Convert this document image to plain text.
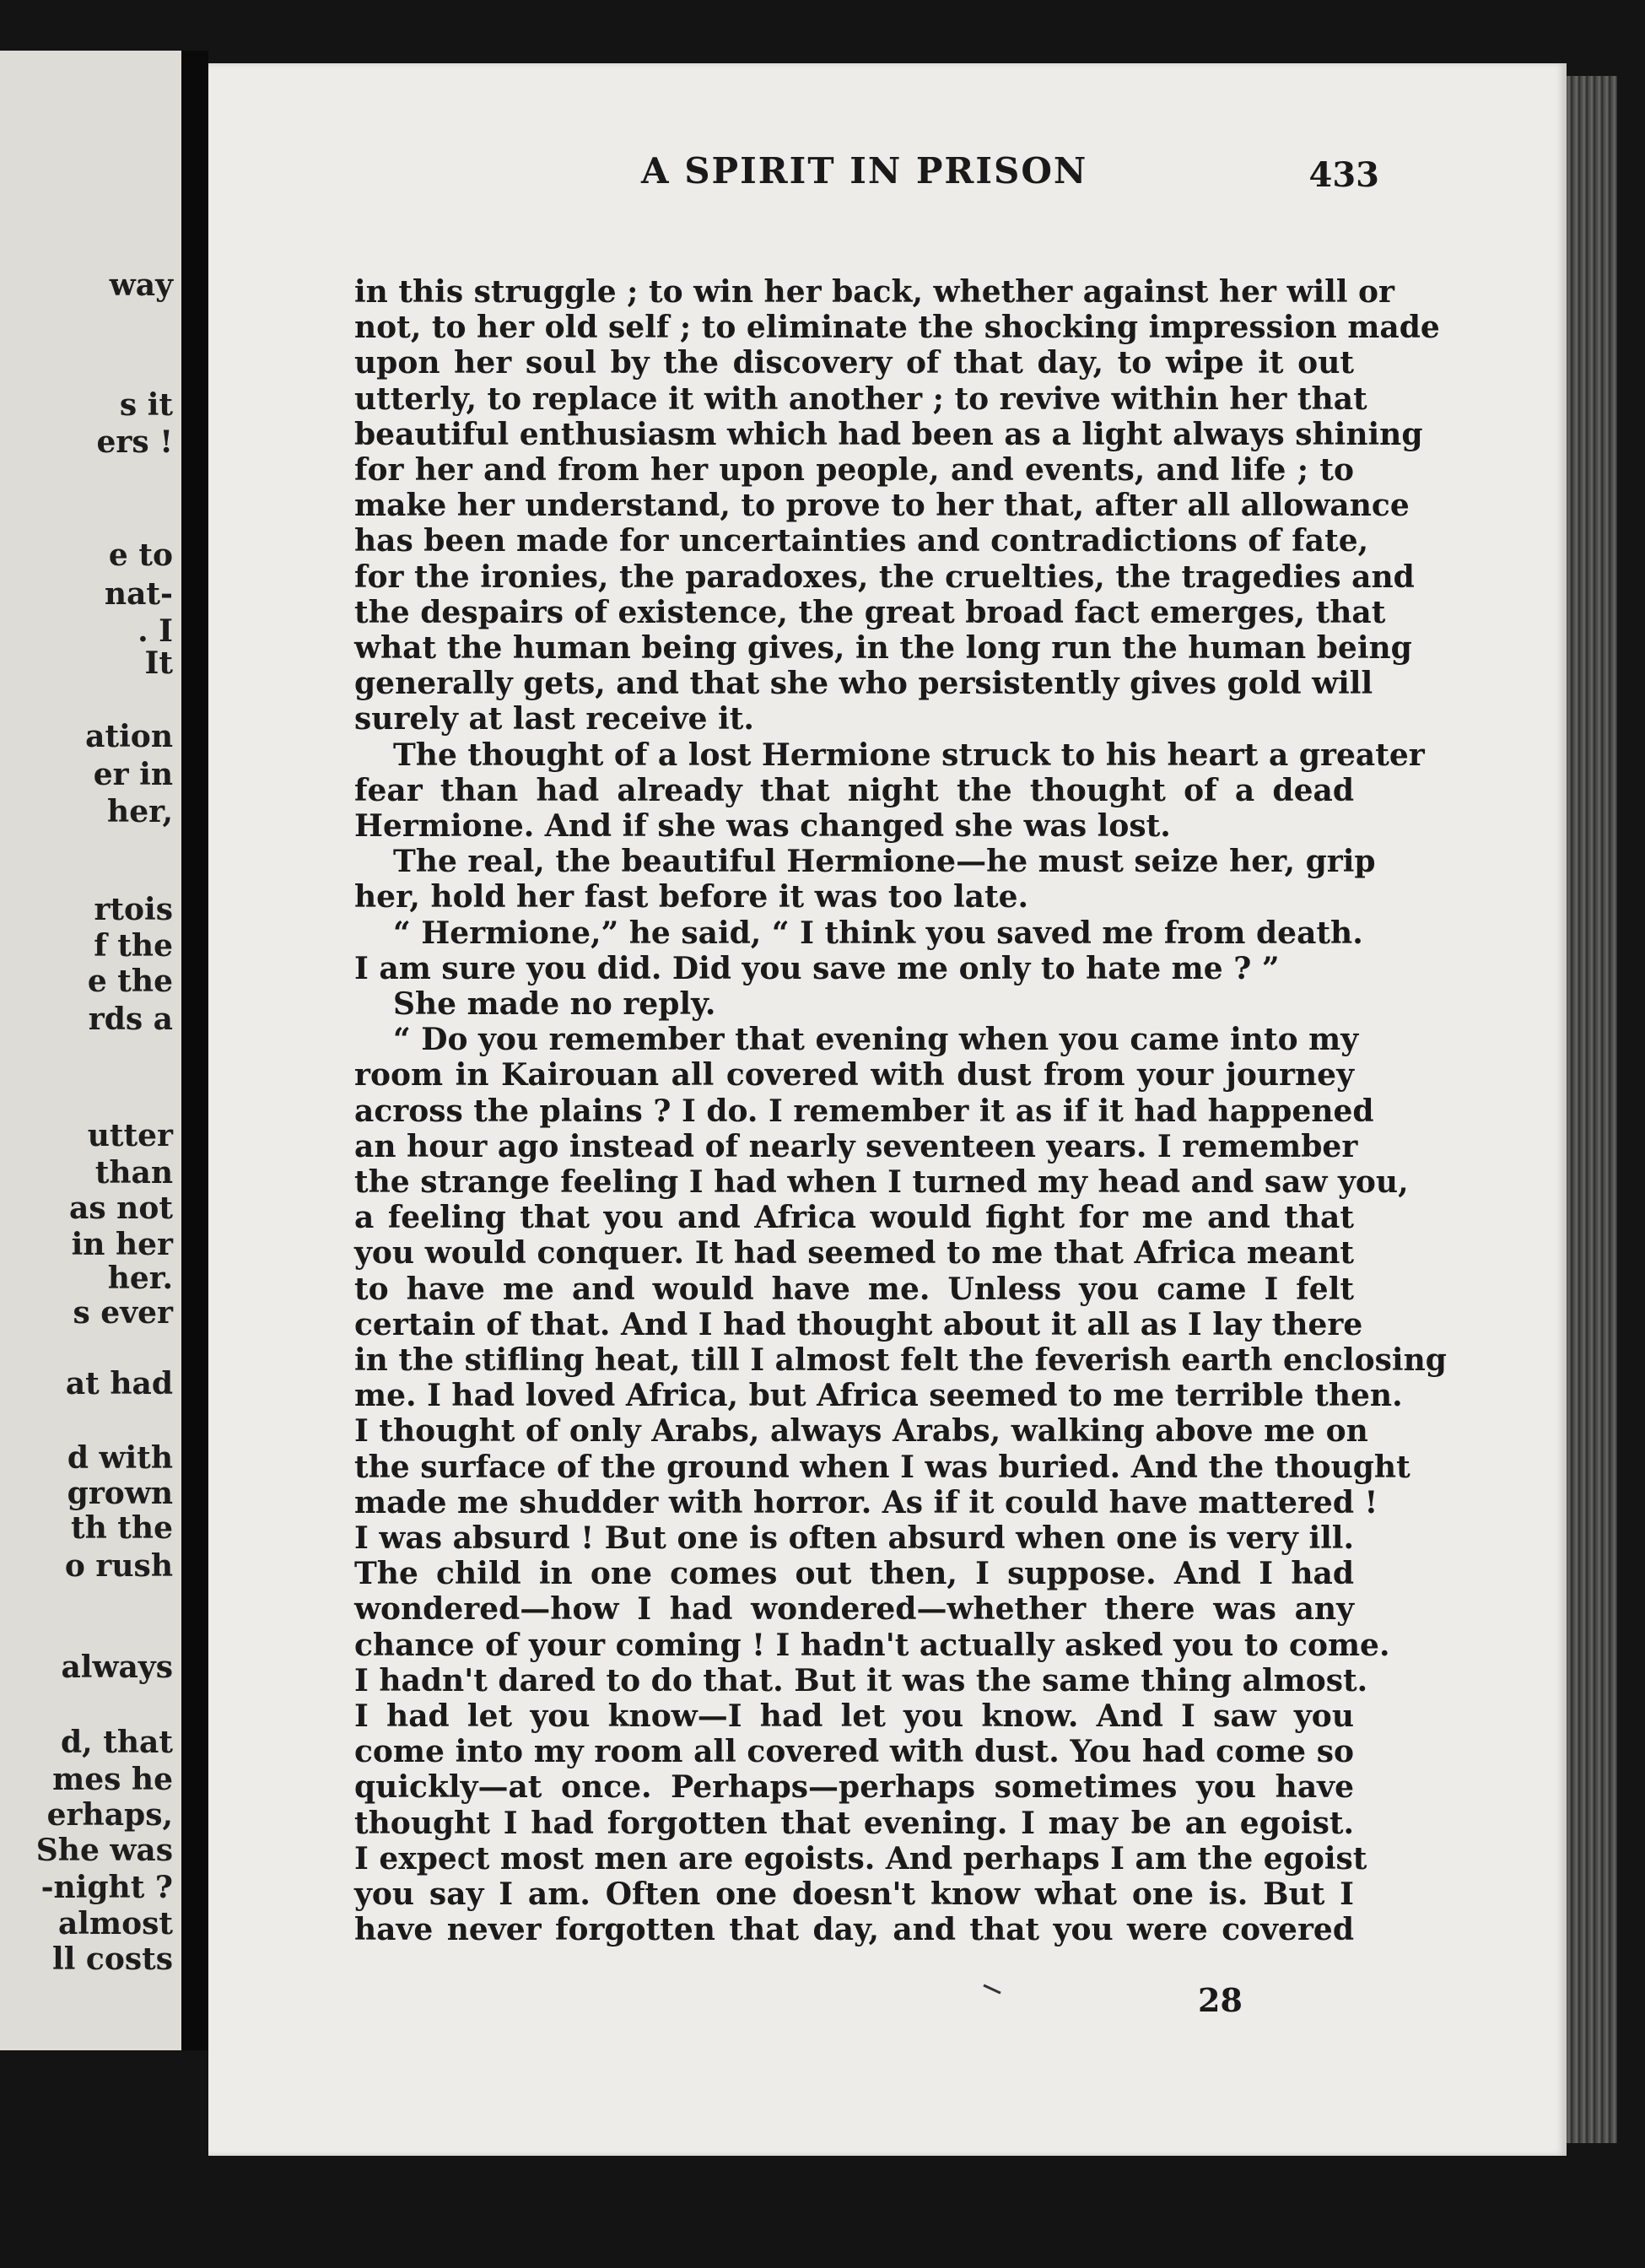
way
s it
ers !
e to
nat-
. I
It
ation
er in
her,
rtois
f the
e the
rds a
utter
than
as not
in her
her.
s ever
at had
d with
grown
th the
o rush
always
d, that
mes he
erhaps,
She was
-night ?
almost
ll costs
A SPIRIT IN PRISON	433
in this struggle ; to win her back, whether against her will or
not, to her old self ; to eliminate the shocking impression made
upon her soul by the discovery of that day, to wipe it out
utterly, to replace it with another ; to revive within her that
beautiful enthusiasm which had been as a light always shining
for her and from her upon people, and events, and life ; to
make her understand, to prove to her that, after all allowance
has been made for uncertainties and contradictions of fate,
for the ironies, the paradoxes, the cruelties, the tragedies and
the despairs of existence, the great broad fact emerges, that
what the human being gives, in the long run the human being
generally gets, and that she who persistently gives gold will
surely at last receive it.
The thought of a lost Hermione struck to his heart a greater
fear than had already that night the thought of a dead
Hermione. And if she was changed she was lost.
The real, the beautiful Hermione—he must seize her, grip
her, hold her fast before it was too late.
“ Hermione,” he said, “ I think you saved me from death.
I am sure you did. Did you save me only to hate me ? ”
She made no reply.
“ Do you remember that evening when you came into my
room in Kairouan all covered with dust from your journey
across the plains ? I do. I remember it as if it had happened
an hour ago instead of nearly seventeen years. I remember
the strange feeling I had when I turned my head and saw you,
a feeling that you and Africa would fight for me and that
you would conquer. It had seemed to me that Africa meant
to have me and would have me. Unless you came I felt
certain of that. And I had thought about it all as I lay there
in the stifling heat, till I almost felt the feverish earth enclosing
me. I had loved Africa, but Africa seemed to me terrible then.
I thought of only Arabs, always Arabs, walking above me on
the surface of the ground when I was buried. And the thought
made me shudder with horror. As if it could have mattered !
I was absurd ! But one is often absurd when one is very ill.
The child in one comes out then, I suppose. And I had
wondered—how I had wondered—whether there was any
chance of your coming ! I hadn't actually asked you to come.
I hadn't dared to do that. But it was the same thing almost.
I had let you know—I had let you know. And I saw you
come into my room all covered with dust. You had come so
quickly—at once. Perhaps—perhaps sometimes you have
thought I had forgotten that evening. I may be an egoist.
I expect most men are egoists. And perhaps I am the egoist
you say I am. Often one doesn't know what one is. But I
have never forgotten that day, and that you were covered
28
